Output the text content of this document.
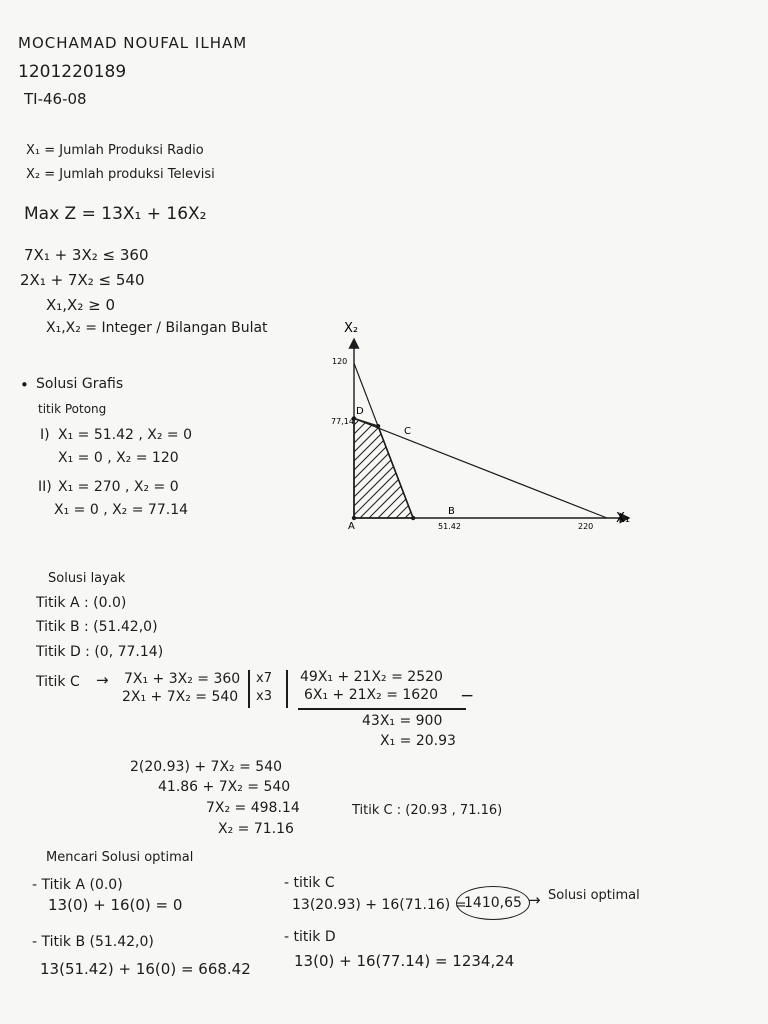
MOCHAMAD NOUFAL ILHAM
1201220189
TI-46-08
X₁ = Jumlah Produksi Radio
X₂ = Jumlah produksi Televisi
Max Z = 13X₁ + 16X₂
7X₁ + 3X₂ ≤ 360
2X₁ + 7X₂ ≤ 540
X₁,X₂ ≥ 0
X₁,X₂ = Integer / Bilangan Bulat
• Solusi Grafis
titik Potong
I) X₁ = 51.42 , X₂ = 0
X₁ = 0 , X₂ = 120
II) X₁ = 270 , X₂ = 0
X₁ = 0 , X₂ = 77.14
X₂
X₁
120
77,14
51.42	220
A
B
C
D
Solusi layak
Titik A : (0.0)
Titik B : (51.42,0)
Titik D : (0, 77.14)
Titik C → 7X₁ + 3X₂ = 360
2X₁ + 7X₂ = 540
x7
x3
49X₁ + 21X₂ = 2520
6X₁ + 21X₂ = 1620 −
43X₁ = 900
X₁ = 20.93
2(20.93) + 7X₂ = 540
41.86 + 7X₂ = 540
7X₂ = 498.14
X₂ = 71.16
Titik C : (20.93 , 71.16)
Mencari Solusi optimal
- Titik A (0.0)
13(0) + 16(0) = 0
- Titik B (51.42,0)
13(51.42) + 16(0) = 668.42
- titik C
13(20.93) + 16(71.16) =
1410,65 → Solusi optimal
- titik D
13(0) + 16(77.14) = 1234,24
